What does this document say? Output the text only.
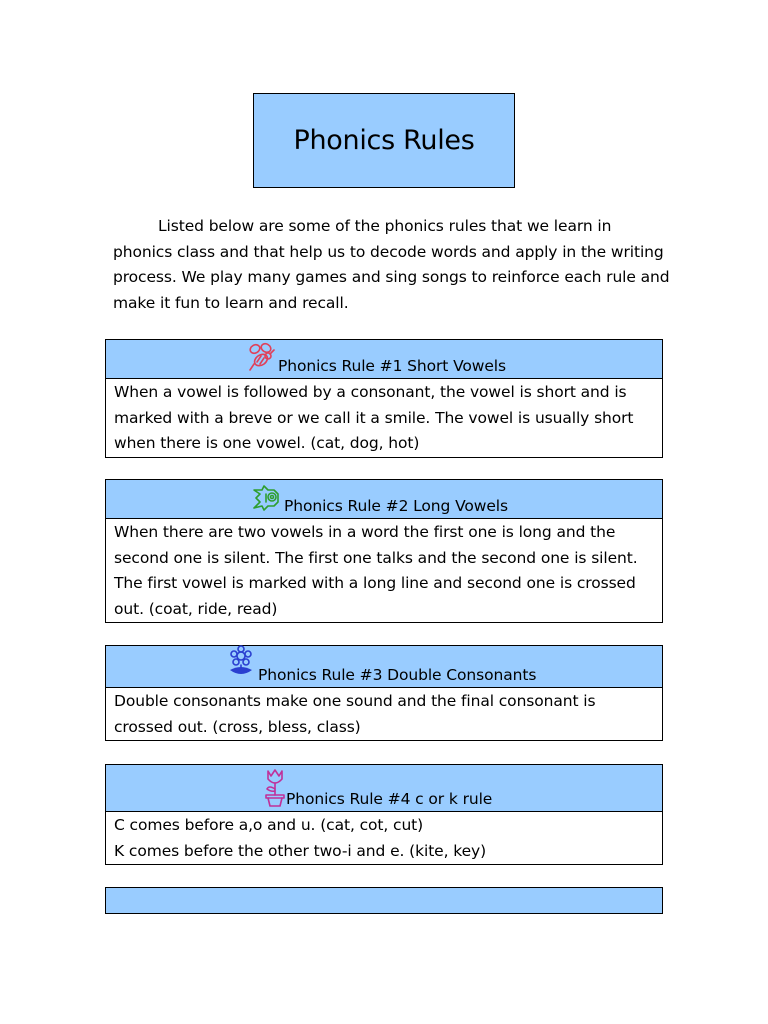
Phonics Rules

Listed below are some of the phonics rules that we learn in phonics class and that help us to decode words and apply in the writing process. We play many games and sing songs to reinforce each rule and make it fun to learn and recall.

Phonics Rule #1 Short Vowels

When a vowel is followed by a consonant, the vowel is short and is marked with a breve or we call it a smile. The vowel is usually short when there is one vowel. (cat, dog, hot)

Phonics Rule #2 Long Vowels

When there are two vowels in a word the first one is long and the second one is silent. The first one talks and the second one is silent. The first vowel is marked with a long line and second one is crossed out. (coat, ride, read)

Phonics Rule #3 Double Consonants

Double consonants make one sound and the final consonant is crossed out. (cross, bless, class)

Phonics Rule #4 c or k rule

C comes before a,o and u. (cat, cot, cut)

K comes before the other two-i and e. (kite, key)
